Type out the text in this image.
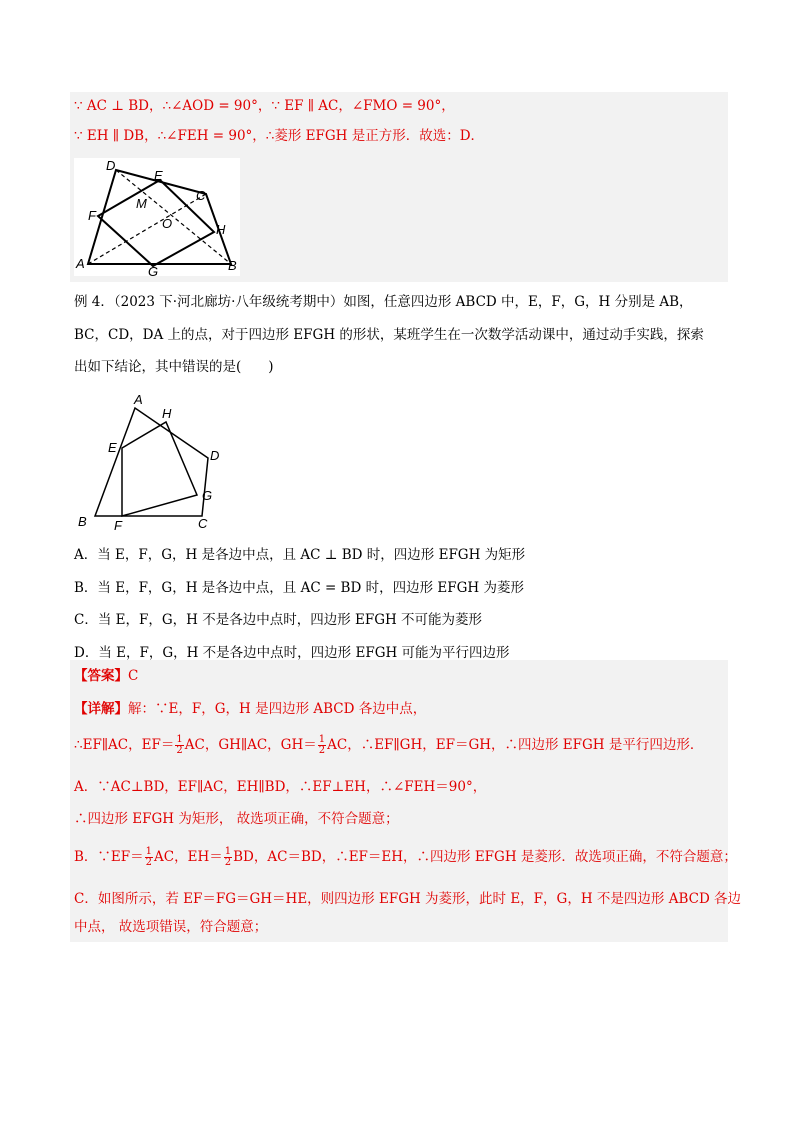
∵ AC ⊥ BD，∴∠AOD = 90°，∵ EF ∥ AC，∠FMO = 90°，
∵ EH ∥ DB，∴∠FEH = 90°，∴菱形 EFGH 是正方形．故选：D．
D
E
C
M
F
O	H
A
G	B
例 4．（2023 下·河北廊坊·八年级统考期中）如图，任意四边形 ABCD 中，E，F，G，H 分别是 AB，
BC，CD，DA 上的点，对于四边形 EFGH 的形状，某班学生在一次数学活动课中，通过动手实践，探索
出如下结论，其中错误的是(　　)
A
H
E
D
G
B F	C
A．当 E，F，G，H 是各边中点，且 AC ⊥ BD 时，四边形 EFGH 为矩形
B．当 E，F，G，H 是各边中点，且 AC = BD 时，四边形 EFGH 为菱形
C．当 E，F，G，H 不是各边中点时，四边形 EFGH 不可能为菱形
D．当 E，F，G，H 不是各边中点时，四边形 EFGH 可能为平行四边形
【答案】C
【详解】解：∵E，F，G，H 是四边形 ABCD 各边中点，
∴EF∥AC，$EF= \frac{1}{2}$ AC，GH∥AC，$GH= \frac{1}{2}$ AC，∴EF∥GH，EF＝GH，∴四边形 EFGH 是平行四边形．
A．∵AC⊥BD，EF∥AC，EH∥BD，∴EF⊥EH，∴∠FEH＝90°，
∴四边形 EFGH 为矩形， 故选项正确，不符合题意；
B．∵EF＝ $\frac{1}{2}$ AC，$EH= \frac{1}{2}$ BD，AC＝BD，∴EF＝EH，∴四边形 EFGH 是菱形．故选项正确，不符合题意；
C．如图所示，若 EF＝FG＝GH＝HE，则四边形 EFGH 为菱形，此时 E，F，G，H 不是四边形 ABCD 各边
中点， 故选项错误，符合题意；
